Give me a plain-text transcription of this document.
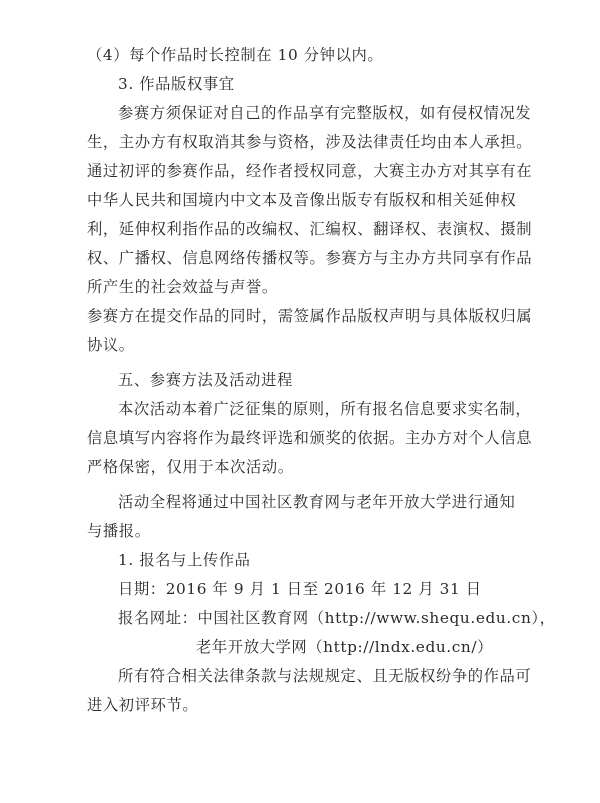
（4）每个作品时长控制在 10 分钟以内。
3. 作品版权事宜
参赛方须保证对自己的作品享有完整版权，如有侵权情况发
生，主办方有权取消其参与资格，涉及法律责任均由本人承担。
通过初评的参赛作品，经作者授权同意，大赛主办方对其享有在
中华人民共和国境内中文本及音像出版专有版权和相关延伸权
利，延伸权利指作品的改编权、汇编权、翻译权、表演权、摄制
权、广播权、信息网络传播权等。参赛方与主办方共同享有作品
所产生的社会效益与声誉。
参赛方在提交作品的同时，需签属作品版权声明与具体版权归属
协议。
五、参赛方法及活动进程
本次活动本着广泛征集的原则，所有报名信息要求实名制，
信息填写内容将作为最终评选和颁奖的依据。主办方对个人信息
严格保密，仅用于本次活动。
活动全程将通过中国社区教育网与老年开放大学进行通知
与播报。
1. 报名与上传作品
日期：2016 年 9 月 1 日至 2016 年 12 月 31 日
报名网址：中国社区教育网（http://www.shequ.edu.cn），
老年开放大学网（http://lndx.edu.cn/）
所有符合相关法律条款与法规规定、且无版权纷争的作品可
进入初评环节。
